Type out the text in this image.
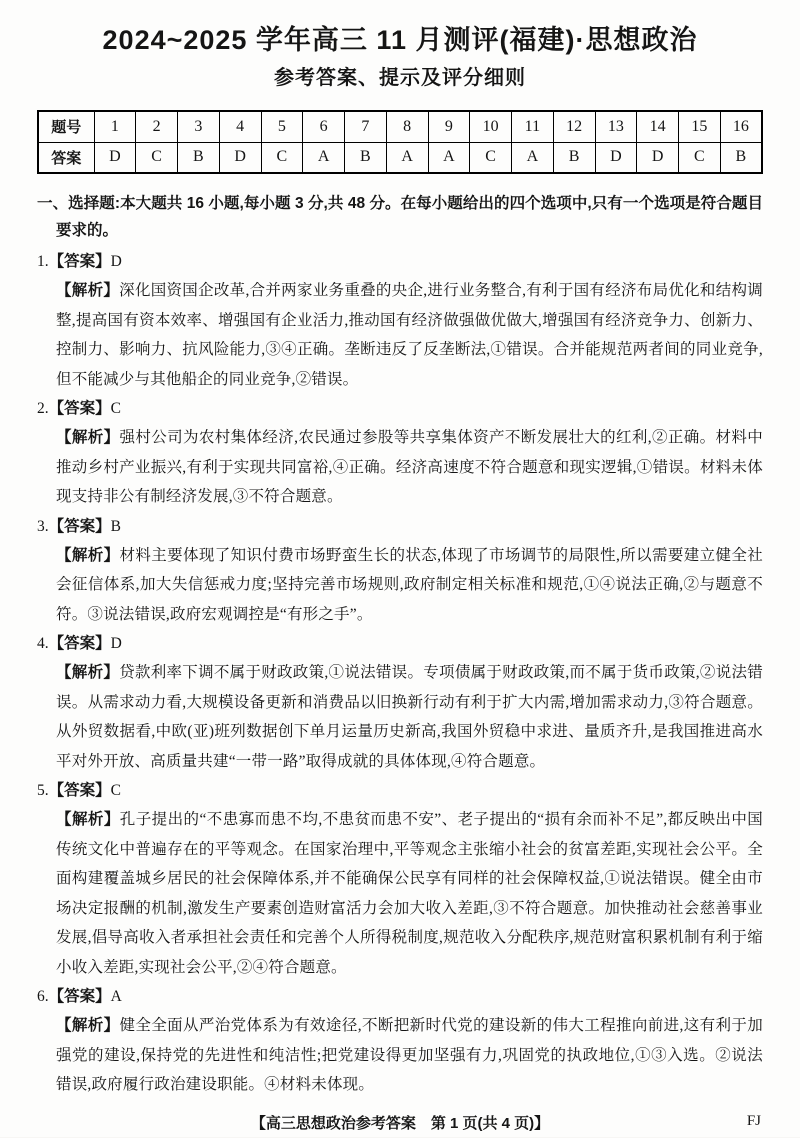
2024~2025 学年高三 11 月测评(福建)·思想政治
参考答案、提示及评分细则
题号	1	2	3	4	5	6	7	8	9	10	11	12	13	14	15	16
答案	D	C	B	D	C	A	B	A	A	C	A	B	D	D	C	B
一、选择题:本大题共 16 小题,每小题 3 分,共 48 分。在每小题给出的四个选项中,只有一个选项是符合题目要求的。
1.【答案】D
【解析】深化国资国企改革,合并两家业务重叠的央企,进行业务整合,有利于国有经济布局优化和结构调整,提高国有资本效率、增强国有企业活力,推动国有经济做强做优做大,增强国有经济竞争力、创新力、控制力、影响力、抗风险能力,③④正确。垄断违反了反垄断法,①错误。合并能规范两者间的同业竞争,但不能减少与其他船企的同业竞争,②错误。
2.【答案】C
【解析】强村公司为农村集体经济,农民通过参股等共享集体资产不断发展壮大的红利,②正确。材料中推动乡村产业振兴,有利于实现共同富裕,④正确。经济高速度不符合题意和现实逻辑,①错误。材料未体现支持非公有制经济发展,③不符合题意。
3.【答案】B
【解析】材料主要体现了知识付费市场野蛮生长的状态,体现了市场调节的局限性,所以需要建立健全社会征信体系,加大失信惩戒力度;坚持完善市场规则,政府制定相关标准和规范,①④说法正确,②与题意不符。③说法错误,政府宏观调控是“有形之手”。
4.【答案】D
【解析】贷款利率下调不属于财政政策,①说法错误。专项债属于财政政策,而不属于货币政策,②说法错误。从需求动力看,大规模设备更新和消费品以旧换新行动有利于扩大内需,增加需求动力,③符合题意。从外贸数据看,中欧(亚)班列数据创下单月运量历史新高,我国外贸稳中求进、量质齐升,是我国推进高水平对外开放、高质量共建“一带一路”取得成就的具体体现,④符合题意。
5.【答案】C
【解析】孔子提出的“不患寡而患不均,不患贫而患不安”、老子提出的“损有余而补不足”,都反映出中国传统文化中普遍存在的平等观念。在国家治理中,平等观念主张缩小社会的贫富差距,实现社会公平。全面构建覆盖城乡居民的社会保障体系,并不能确保公民享有同样的社会保障权益,①说法错误。健全由市场决定报酬的机制,激发生产要素创造财富活力会加大收入差距,③不符合题意。加快推动社会慈善事业发展,倡导高收入者承担社会责任和完善个人所得税制度,规范收入分配秩序,规范财富积累机制有利于缩小收入差距,实现社会公平,②④符合题意。
6.【答案】A
【解析】健全全面从严治党体系为有效途径,不断把新时代党的建设新的伟大工程推向前进,这有利于加强党的建设,保持党的先进性和纯洁性;把党建设得更加坚强有力,巩固党的执政地位,①③入选。②说法错误,政府履行政治建设职能。④材料未体现。
【高三思想政治参考答案  第 1 页(共 4 页)】	FJ
